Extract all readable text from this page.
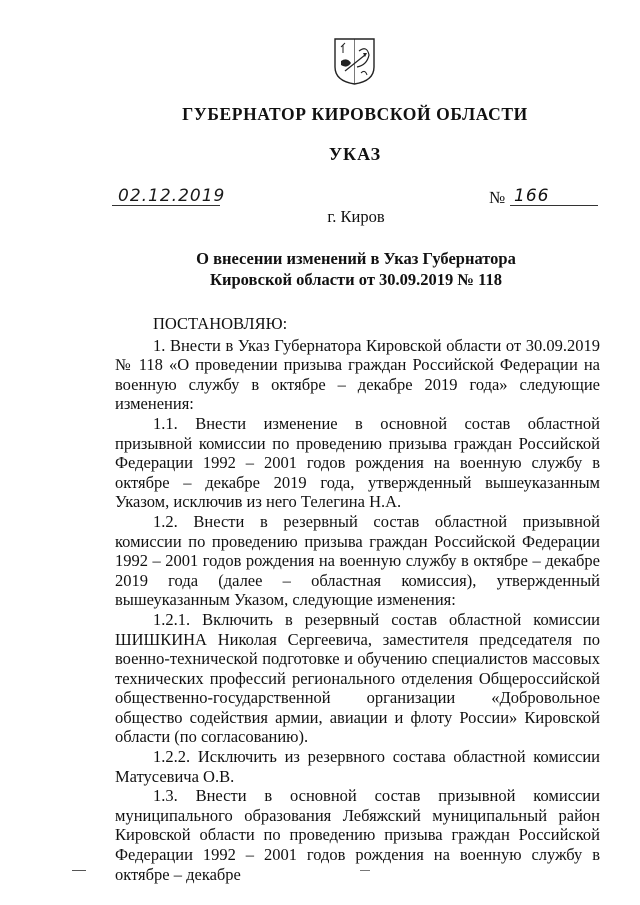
ГУБЕРНАТОР КИРОВСКОЙ ОБЛАСТИ
УКАЗ
02.12.2019	№ 166
г. Киров
О внесении изменений в Указ Губернатора
Кировской области от 30.09.2019 № 118

ПОСТАНОВЛЯЮ:

1. Внести в Указ Губернатора Кировской области от 30.09.2019 № 118 «О проведении призыва граждан Российской Федерации на военную службу в октябре – декабре 2019 года» следующие изменения:

1.1. Внести изменение в основной состав областной призывной комиссии по проведению призыва граждан Российской Федерации 1992 – 2001 годов рождения на военную службу в октябре – декабре 2019 года, утвержденный вышеуказанным Указом, исключив из него Телегина Н.А.

1.2. Внести в резервный состав областной призывной комиссии по проведению призыва граждан Российской Федерации 1992 – 2001 годов рождения на военную службу в октябре – декабре 2019 года (далее – областная комиссия), утвержденный вышеуказанным Указом, следующие изменения:

1.2.1. Включить в резервный состав областной комиссии ШИШКИНА Николая Сергеевича, заместителя председателя по военно-технической подготовке и обучению специалистов массовых технических профессий регионального отделения Общероссийской общественно-государственной организации «Добровольное общество содействия армии, авиации и флоту России» Кировской области (по согласованию).

1.2.2. Исключить из резервного состава областной комиссии Матусевича О.В.

1.3. Внести в основной состав призывной комиссии муниципального образования Лебяжский муниципальный район Кировской области по проведению призыва граждан Российской Федерации 1992 – 2001 годов рождения на военную службу в октябре – декабре
